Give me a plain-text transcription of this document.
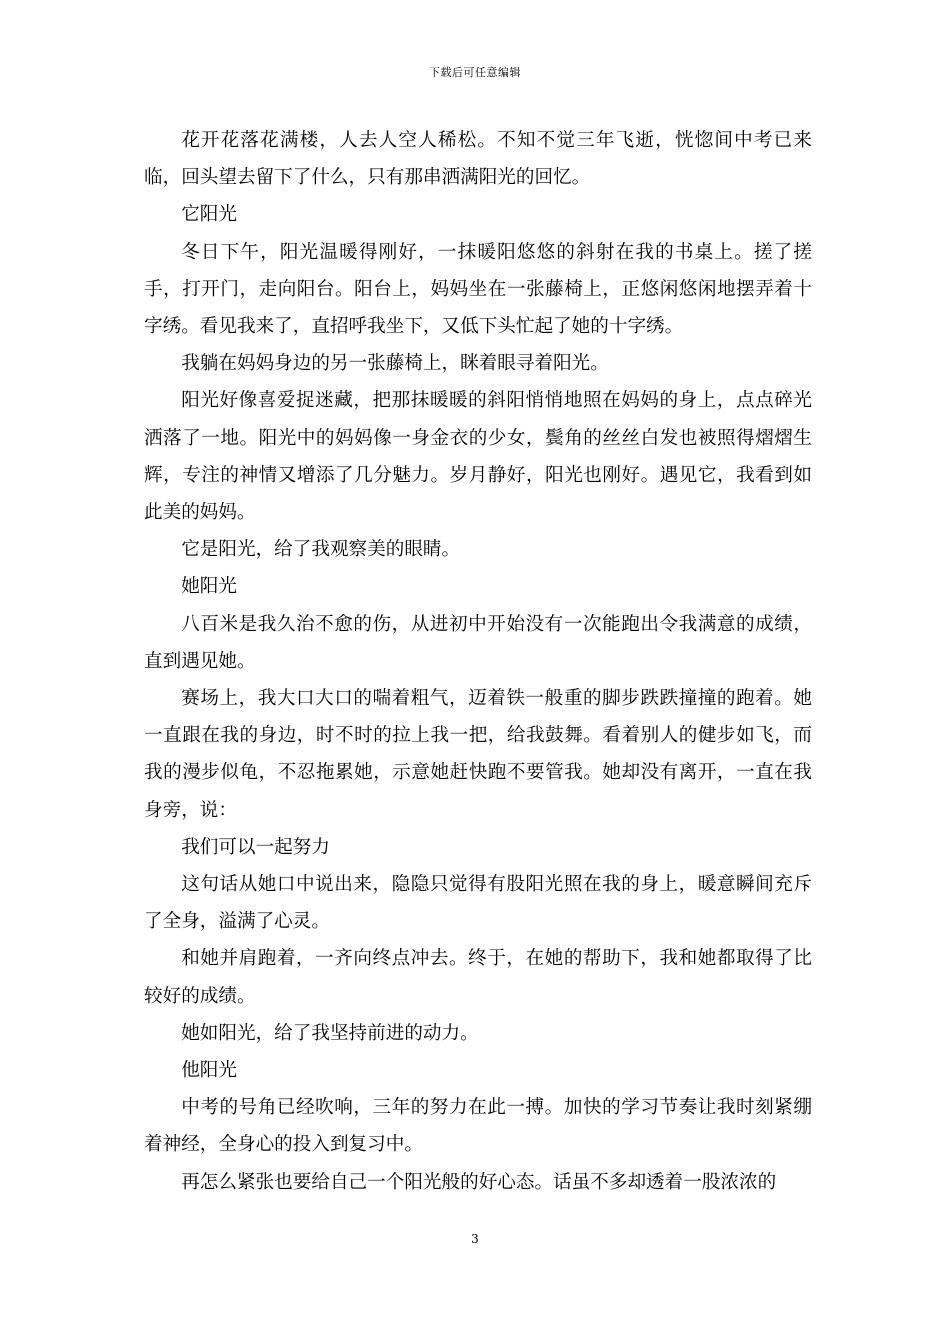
下载后可任意编辑

花开花落花满楼，人去人空人稀松。不知不觉三年飞逝，恍惚间中考已来临，回头望去留下了什么，只有那串洒满阳光的回忆。

它阳光

冬日下午，阳光温暖得刚好，一抹暖阳悠悠的斜射在我的书桌上。搓了搓手，打开门，走向阳台。阳台上，妈妈坐在一张藤椅上，正悠闲悠闲地摆弄着十字绣。看见我来了，直招呼我坐下，又低下头忙起了她的十字绣。

我躺在妈妈身边的另一张藤椅上，眯着眼寻着阳光。

阳光好像喜爱捉迷藏，把那抹暖暖的斜阳悄悄地照在妈妈的身上，点点碎光洒落了一地。阳光中的妈妈像一身金衣的少女，鬓角的丝丝白发也被照得熠熠生辉，专注的神情又增添了几分魅力。岁月静好，阳光也刚好。遇见它，我看到如此美的妈妈。

它是阳光，给了我观察美的眼睛。

她阳光

八百米是我久治不愈的伤，从进初中开始没有一次能跑出令我满意的成绩，直到遇见她。

赛场上，我大口大口的喘着粗气，迈着铁一般重的脚步跌跌撞撞的跑着。她一直跟在我的身边，时不时的拉上我一把，给我鼓舞。看着别人的健步如飞，而我的漫步似龟，不忍拖累她，示意她赶快跑不要管我。她却没有离开，一直在我身旁，说：

我们可以一起努力

这句话从她口中说出来，隐隐只觉得有股阳光照在我的身上，暖意瞬间充斥了全身，溢满了心灵。

和她并肩跑着，一齐向终点冲去。终于，在她的帮助下，我和她都取得了比较好的成绩。

她如阳光，给了我坚持前进的动力。

他阳光

中考的号角已经吹响，三年的努力在此一搏。加快的学习节奏让我时刻紧绷着神经，全身心的投入到复习中。

再怎么紧张也要给自己一个阳光般的好心态。话虽不多却透着一股浓浓的

3
